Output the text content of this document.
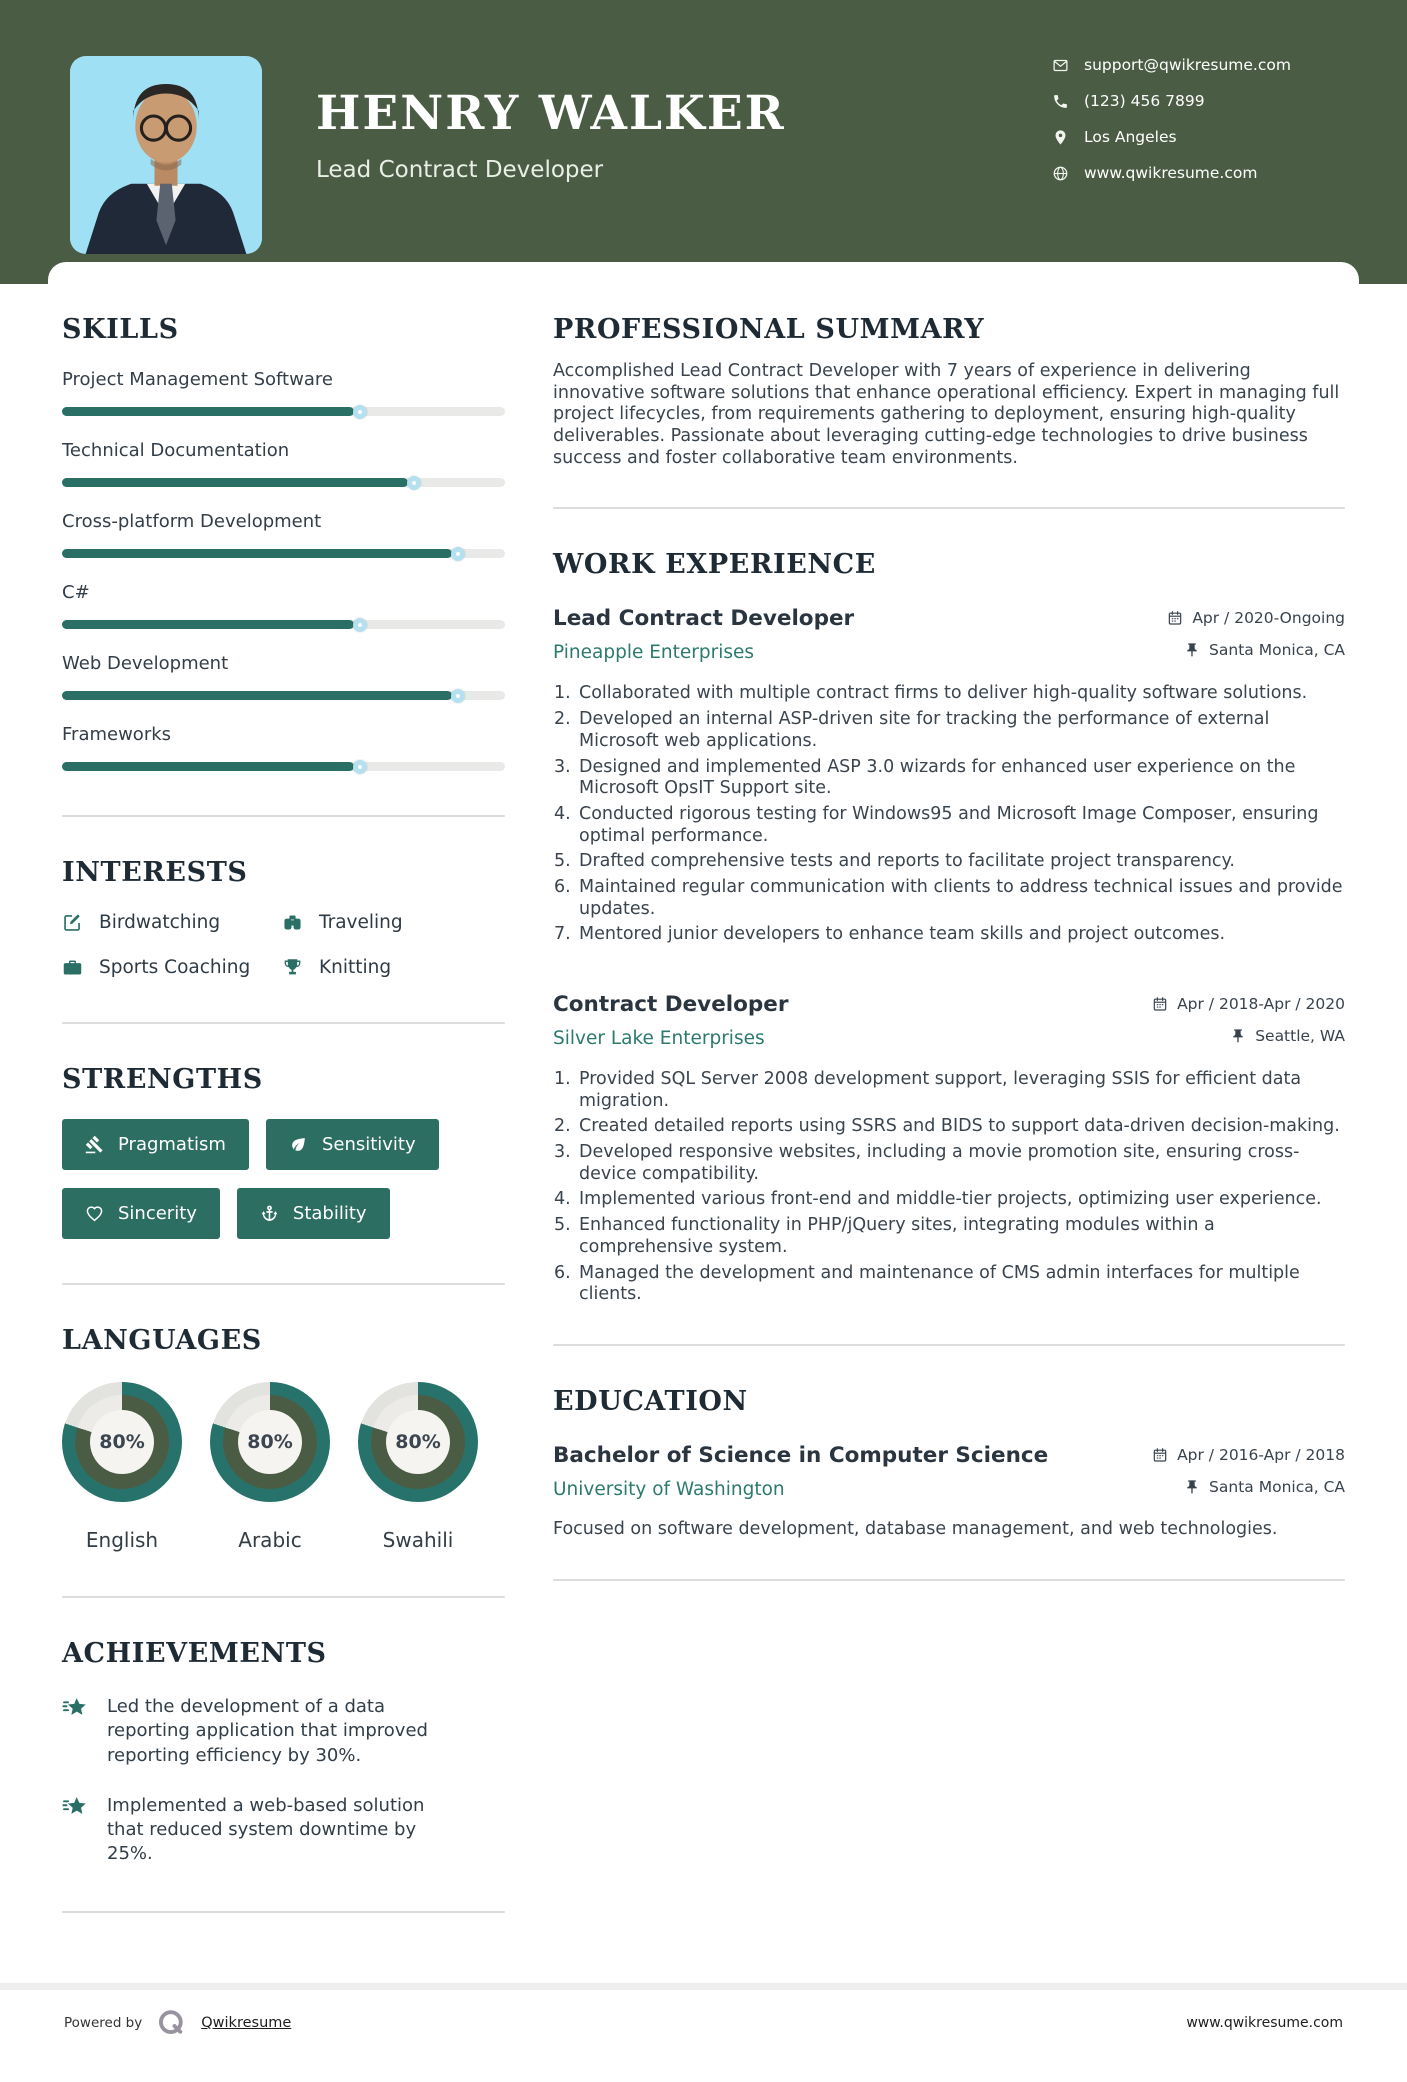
HENRY WALKER
Lead Contract Developer
support@qwikresume.com
(123) 456 7899
Los Angeles
www.qwikresume.com
SKILLS
Project Management Software
Technical Documentation
Cross-platform Development
C#
Web Development
Frameworks
INTERESTS
Birdwatching	Traveling
Sports Coaching	Knitting
STRENGTHS
Pragmatism	Sensitivity
Sincerity	Stability
LANGUAGES
80%
English
80%
Arabic
80%
Swahili
ACHIEVEMENTS

Led the development of a data reporting application that improved reporting efficiency by 30%.

Implemented a web-based solution that reduced system downtime by 25%.

PROFESSIONAL SUMMARY

Accomplished Lead Contract Developer with 7 years of experience in delivering innovative software solutions that enhance operational efficiency. Expert in managing full project lifecycles, from requirements gathering to deployment, ensuring high-quality deliverables. Passionate about leveraging cutting-edge technologies to drive business success and foster collaborative team environments.

WORK EXPERIENCE
Lead Contract Developer
Pineapple Enterprises
Apr / 2020-Ongoing
Santa Monica, CA
Collaborated with multiple contract firms to deliver high-quality software solutions.
Developed an internal ASP-driven site for tracking the performance of external Microsoft web applications.
Designed and implemented ASP 3.0 wizards for enhanced user experience on the Microsoft OpsIT Support site.
Conducted rigorous testing for Windows95 and Microsoft Image Composer, ensuring optimal performance.
Drafted comprehensive tests and reports to facilitate project transparency.
Maintained regular communication with clients to address technical issues and provide updates.
Mentored junior developers to enhance team skills and project outcomes.
Contract Developer
Silver Lake Enterprises
Apr / 2018-Apr / 2020
Seattle, WA
Provided SQL Server 2008 development support, leveraging SSIS for efficient data migration.
Created detailed reports using SSRS and BIDS to support data-driven decision-making.
Developed responsive websites, including a movie promotion site, ensuring cross-device compatibility.
Implemented various front-end and middle-tier projects, optimizing user experience.
Enhanced functionality in PHP/jQuery sites, integrating modules within a comprehensive system.
Managed the development and maintenance of CMS admin interfaces for multiple clients.
EDUCATION
Bachelor of Science in Computer Science
University of Washington
Apr / 2016-Apr / 2018
Santa Monica, CA

Focused on software development, database management, and web technologies.

Powered by	Qwikresume	www.qwikresume.com
